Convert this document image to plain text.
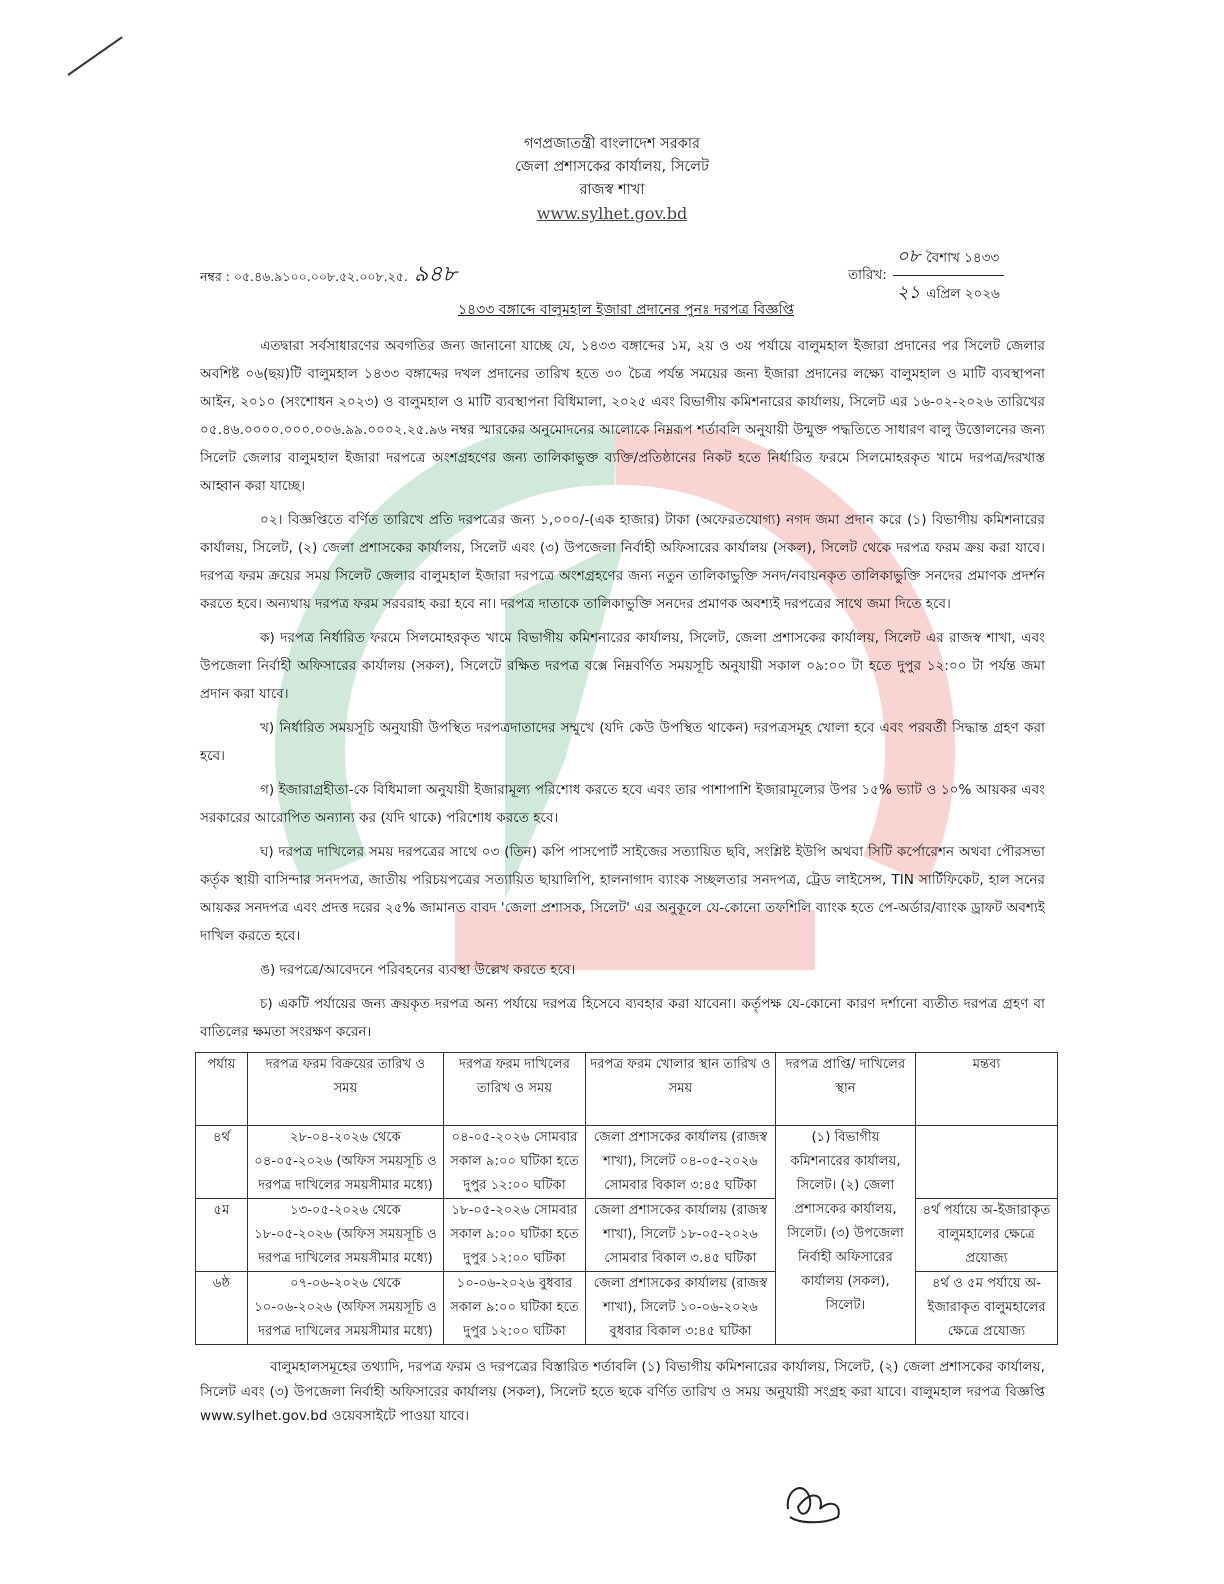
গণপ্রজাতন্ত্রী বাংলাদেশ সরকার
জেলা প্রশাসকের কার্যালয়, সিলেট
রাজস্ব শাখা
www.sylhet.gov.bd
নম্বর : ০৫.৪৬.৯১০০.০০৮.৫২.০০৮.২৫. ৯৪৮	তারিখ: $\frac{\text{০৮ বৈশাখ ১৪৩৩}}{\text{২১ এপ্রিল ২০২৬}}$
১৪৩৩ বঙ্গাব্দে বালুমহাল ইজারা প্রদানের পুনঃ দরপত্র বিজ্ঞপ্তি

এতদ্বারা সর্বসাধারণের অবগতির জন্য জানানো যাচ্ছে যে, ১৪৩৩ বঙ্গাব্দের ১ম, ২য় ও ৩য় পর্যায়ে বালুমহাল ইজারা প্রদানের পর সিলেট জেলার অবশিষ্ট ০৬(ছয়)টি বালুমহাল ১৪৩৩ বঙ্গাব্দের দখল প্রদানের তারিখ হতে ৩০ চৈত্র পর্যন্ত সময়ের জন্য ইজারা প্রদানের লক্ষ্যে বালুমহাল ও মাটি ব্যবস্থাপনা আইন, ২০১০ (সংশোধন ২০২৩) ও বালুমহাল ও মাটি ব্যবস্থাপনা বিধিমালা, ২০২৫ এবং বিভাগীয় কমিশনারের কার্যালয়, সিলেট এর ১৬-০২-২০২৬ তারিখের ০৫.৪৬.০০০০.০০০.০০৬.৯৯.০০০২.২৫.৯৬ নম্বর স্মারকের অনুমোদনের আলোকে নিম্নরূপ শর্তাবলি অনুযায়ী উন্মুক্ত পদ্ধতিতে সাধারণ বালু উত্তোলনের জন্য সিলেট জেলার বালুমহাল ইজারা দরপত্রে অংশগ্রহণের জন্য তালিকাভুক্ত ব্যক্তি/প্রতিষ্ঠানের নিকট হতে নির্ধারিত ফরমে সিলমোহরকৃত খামে দরপত্র/দরখাস্ত আহ্বান করা যাচ্ছে।

০২। বিজ্ঞপ্তিতে বর্ণিত তারিখে প্রতি দরপত্রের জন্য ১,০০০/-(এক হাজার) টাকা (অফেরতযোগ্য) নগদ জমা প্রদান করে (১) বিভাগীয় কমিশনারের কার্যালয়, সিলেট, (২) জেলা প্রশাসকের কার্যালয়, সিলেট এবং (৩) উপজেলা নির্বাহী অফিসারের কার্যালয় (সকল), সিলেট থেকে দরপত্র ফরম ক্রয় করা যাবে। দরপত্র ফরম ক্রয়ের সময় সিলেট জেলার বালুমহাল ইজারা দরপত্রে অংশগ্রহণের জন্য নতুন তালিকাভুক্তি সনদ/নবায়নকৃত তালিকাভুক্তি সনদের প্রমাণক প্রদর্শন করতে হবে। অন্যথায় দরপত্র ফরম সরবরাহ করা হবে না। দরপত্র দাতাকে তালিকাভুক্তি সনদের প্রমাণক অবশ্যই দরপত্রের সাথে জমা দিতে হবে।

ক) দরপত্র নির্ধারিত ফরমে সিলমোহরকৃত খামে বিভাগীয় কমিশনারের কার্যালয়, সিলেট, জেলা প্রশাসকের কার্যালয়, সিলেট এর রাজস্ব শাখা, এবং উপজেলা নির্বাহী অফিসারের কার্যালয় (সকল), সিলেটে রক্ষিত দরপত্র বক্সে নিম্নবর্ণিত সময়সূচি অনুযায়ী সকাল ০৯:০০ টা হতে দুপুর ১২:০০ টা পর্যন্ত জমা প্রদান করা যাবে।

খ) নির্ধারিত সময়সূচি অনুযায়ী উপস্থিত দরপত্রদাতাদের সম্মুখে (যদি কেউ উপস্থিত থাকেন) দরপত্রসমূহ খোলা হবে এবং পরবর্তী সিদ্ধান্ত গ্রহণ করা হবে।

গ) ইজারাগ্রহীতা-কে বিধিমালা অনুযায়ী ইজারামূল্য পরিশোধ করতে হবে এবং তার পাশাপাশি ইজারামূল্যের উপর ১৫% ভ্যাট ও ১০% আয়কর এবং সরকারের আরোপিত অন্যান্য কর (যদি থাকে) পরিশোধ করতে হবে।

ঘ) দরপত্র দাখিলের সময় দরপত্রের সাথে ০৩ (তিন) কপি পাসপোর্ট সাইজের সত্যায়িত ছবি, সংশ্লিষ্ট ইউপি অথবা সিটি কর্পোরেশন অথবা পৌরসভা কর্তৃক স্থায়ী বাসিন্দার সনদপত্র, জাতীয় পরিচয়পত্রের সত্যায়িত ছায়ালিপি, হালনাগাদ ব্যাংক সচ্ছলতার সনদপত্র, ট্রেড লাইসেন্স, TIN সার্টিফিকেট, হাল সনের আয়কর সনদপত্র এবং প্রদত্ত দরের ২৫% জামানত বাবদ 'জেলা প্রশাসক, সিলেট' এর অনুকূলে যে-কোনো তফশিলি ব্যাংক হতে পে-অর্ডার/ব্যাংক ড্রাফট অবশ্যই দাখিল করতে হবে।

ঙ) দরপত্রে/আবেদনে পরিবহনের ব্যবস্থা উল্লেখ করতে হবে।

চ) একটি পর্যায়ের জন্য ক্রয়কৃত দরপত্র অন্য পর্যায়ে দরপত্র হিসেবে ব্যবহার করা যাবেনা। কর্তৃপক্ষ যে-কোনো কারণ দর্শানো ব্যতীত দরপত্র গ্রহণ বা বাতিলের ক্ষমতা সংরক্ষণ করেন।

পর্যায়	দরপত্র ফরম বিক্রয়ের তারিখ ও সময়	দরপত্র ফরম দাখিলের তারিখ ও সময়	দরপত্র ফরম খোলার স্থান তারিখ ও সময়	দরপত্র প্রাপ্তি/ দাখিলের স্থান	মন্তব্য
৪র্থ	২৮-০৪-২০২৬ থেকে ০৪-০৫-২০২৬ (অফিস সময়সূচি ও দরপত্র দাখিলের সময়সীমার মধ্যে)	০৪-০৫-২০২৬ সোমবার সকাল ৯:০০ ঘটিকা হতে দুপুর ১২:০০ ঘটিকা	জেলা প্রশাসকের কার্যালয় (রাজস্ব শাখা), সিলেট ০৪-০৫-২০২৬ সোমবার বিকাল ৩:৪৫ ঘটিকা	(১) বিভাগীয় কমিশনারের কার্যালয়, সিলেট। (২) জেলা প্রশাসকের কার্যালয়, সিলেট। (৩) উপজেলা নির্বাহী অফিসারের কার্যালয় (সকল), সিলেট।	
৫ম	১৩-০৫-২০২৬ থেকে ১৮-০৫-২০২৬ (অফিস সময়সূচি ও দরপত্র দাখিলের সময়সীমার মধ্যে)	১৮-০৫-২০২৬ সোমবার সকাল ৯:০০ ঘটিকা হতে দুপুর ১২:০০ ঘটিকা	জেলা প্রশাসকের কার্যালয় (রাজস্ব শাখা), সিলেট ১৮-০৫-২০২৬ সোমবার বিকাল ৩.৪৫ ঘটিকা		৪র্থ পর্যায়ে অ-ইজারাকৃত বালুমহালের ক্ষেত্রে প্রযোজ্য
৬ষ্ঠ	০৭-০৬-২০২৬ থেকে ১০-০৬-২০২৬ (অফিস সময়সূচি ও দরপত্র দাখিলের সময়সীমার মধ্যে)	১০-০৬-২০২৬ বুধবার সকাল ৯:০০ ঘটিকা হতে দুপুর ১২:০০ ঘটিকা	জেলা প্রশাসকের কার্যালয় (রাজস্ব শাখা), সিলেট ১০-০৬-২০২৬ বুধবার বিকাল ৩:৪৫ ঘটিকা		৪র্থ ও ৫ম পর্যায়ে অ-ইজারাকৃত বালুমহালের ক্ষেত্রে প্রযোজ্য
বালুমহালসমূহের তথ্যাদি, দরপত্র ফরম ও দরপত্রের বিস্তারিত শর্তাবলি (১) বিভাগীয় কমিশনারের কার্যালয়, সিলেট, (২) জেলা প্রশাসকের কার্যালয়, সিলেট এবং (৩) উপজেলা নির্বাহী অফিসারের কার্যালয় (সকল), সিলেট হতে ছকে বর্ণিত তারিখ ও সময় অনুযায়ী সংগ্রহ করা যাবে। বালুমহাল দরপত্র বিজ্ঞপ্তি www.sylhet.gov.bd ওয়েবসাইটে পাওয়া যাবে।
